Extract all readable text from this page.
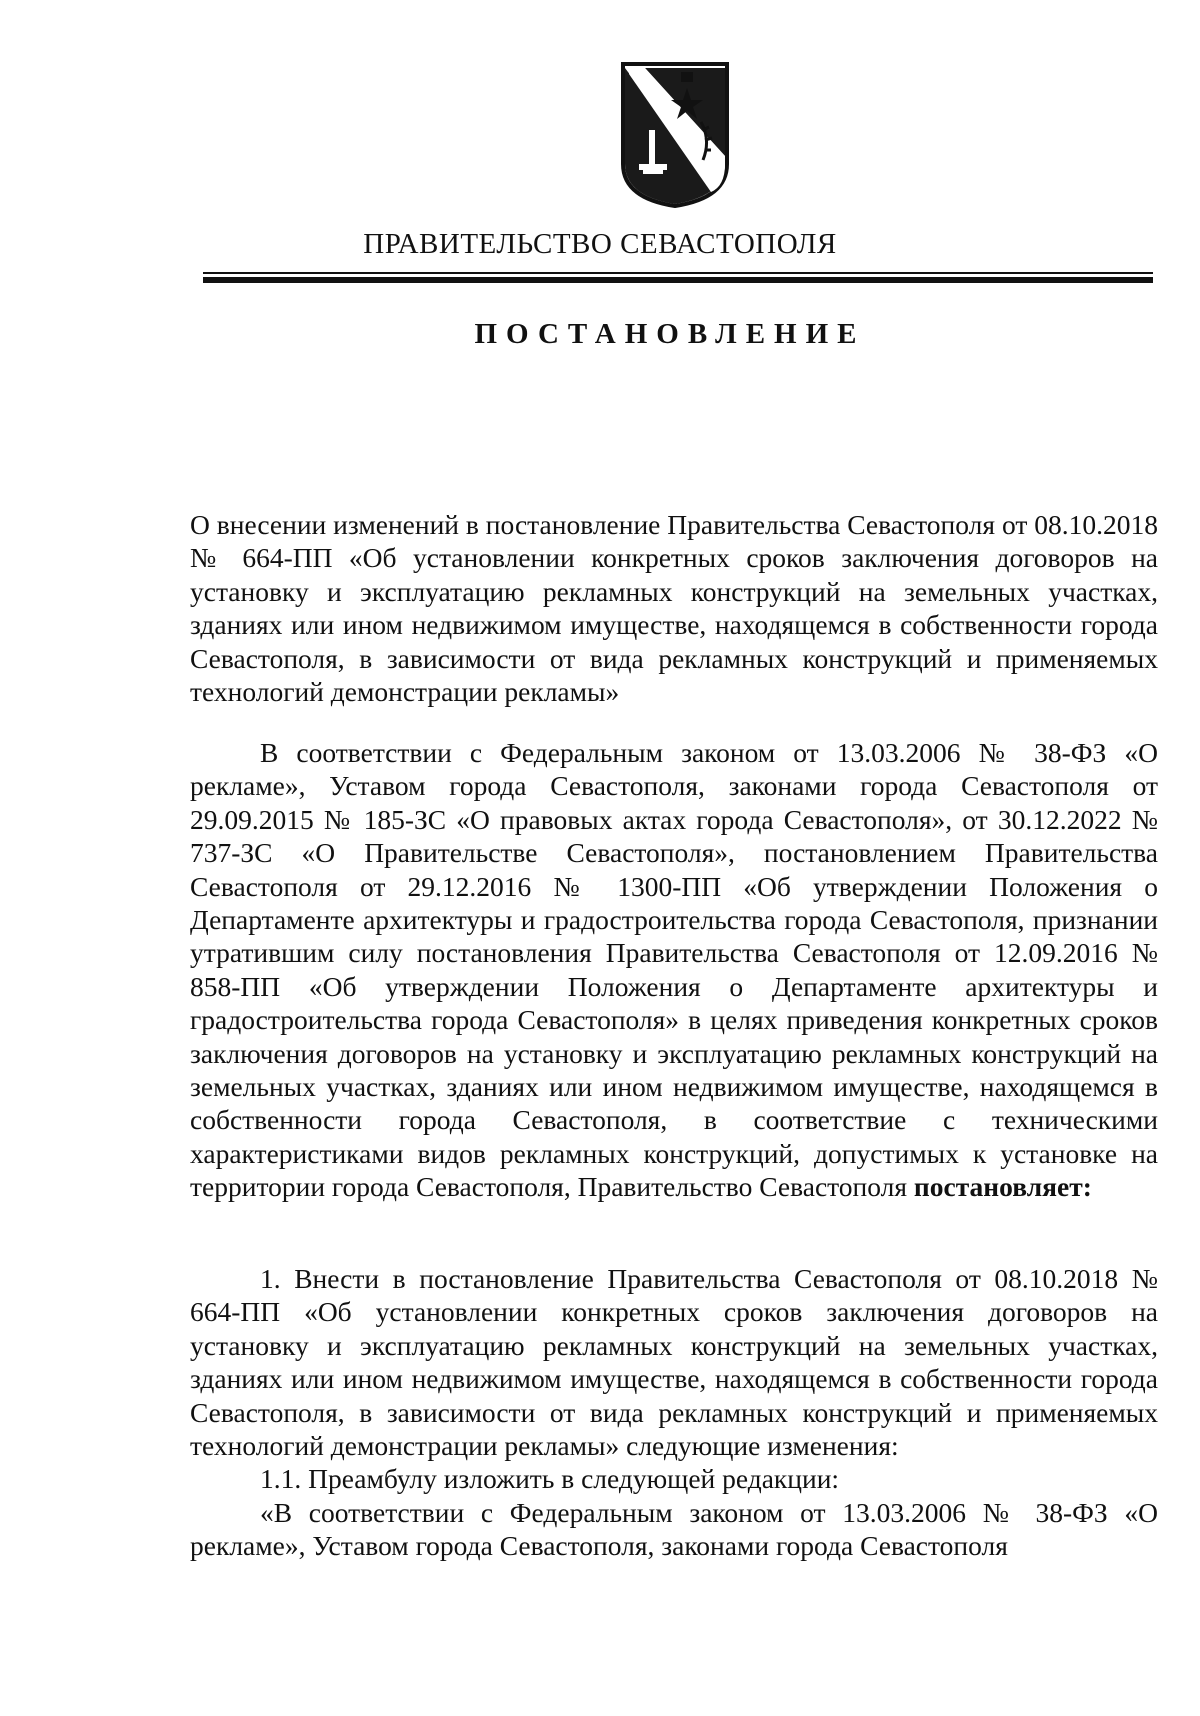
ПРАВИТЕЛЬСТВО СЕВАСТОПОЛЯ
ПОСТАНОВЛЕНИЕ

О внесении изменений в постановление Правительства Севастополя от 08.10.2018 № 664-ПП «Об установлении конкретных сроков заключения договоров на установку и эксплуатацию рекламных конструкций на земельных участках, зданиях или ином недвижимом имуществе, находящемся в собственности города Севастополя, в зависимости от вида рекламных конструкций и применяемых технологий демонстрации рекламы»

В соответствии с Федеральным законом от 13.03.2006 № 38-ФЗ «О рекламе», Уставом города Севастополя, законами города Севастополя от 29.09.2015 № 185-ЗС «О правовых актах города Севастополя», от 30.12.2022 № 737-ЗС «О Правительстве Севастополя», постановлением Правительства Севастополя от 29.12.2016 № 1300-ПП «Об утверждении Положения о Департаменте архитектуры и градостроительства города Севастополя, признании утратившим силу постановления Правительства Севастополя от 12.09.2016 № 858-ПП «Об утверждении Положения о Департаменте архитектуры и градостроительства города Севастополя» в целях приведения конкретных сроков заключения договоров на установку и эксплуатацию рекламных конструкций на земельных участках, зданиях или ином недвижимом имуществе, находящемся в собственности города Севастополя, в соответствие с техническими характеристиками видов рекламных конструкций, допустимых к установке на территории города Севастополя, Правительство Севастополя постановляет:

1. Внести в постановление Правительства Севастополя от 08.10.2018 № 664-ПП «Об установлении конкретных сроков заключения договоров на установку и эксплуатацию рекламных конструкций на земельных участках, зданиях или ином недвижимом имуществе, находящемся в собственности города Севастополя, в зависимости от вида рекламных конструкций и применяемых технологий демонстрации рекламы» следующие изменения:

1.1. Преамбулу изложить в следующей редакции:

«В соответствии с Федеральным законом от 13.03.2006 № 38-ФЗ «О рекламе», Уставом города Севастополя, законами города Севастополя
